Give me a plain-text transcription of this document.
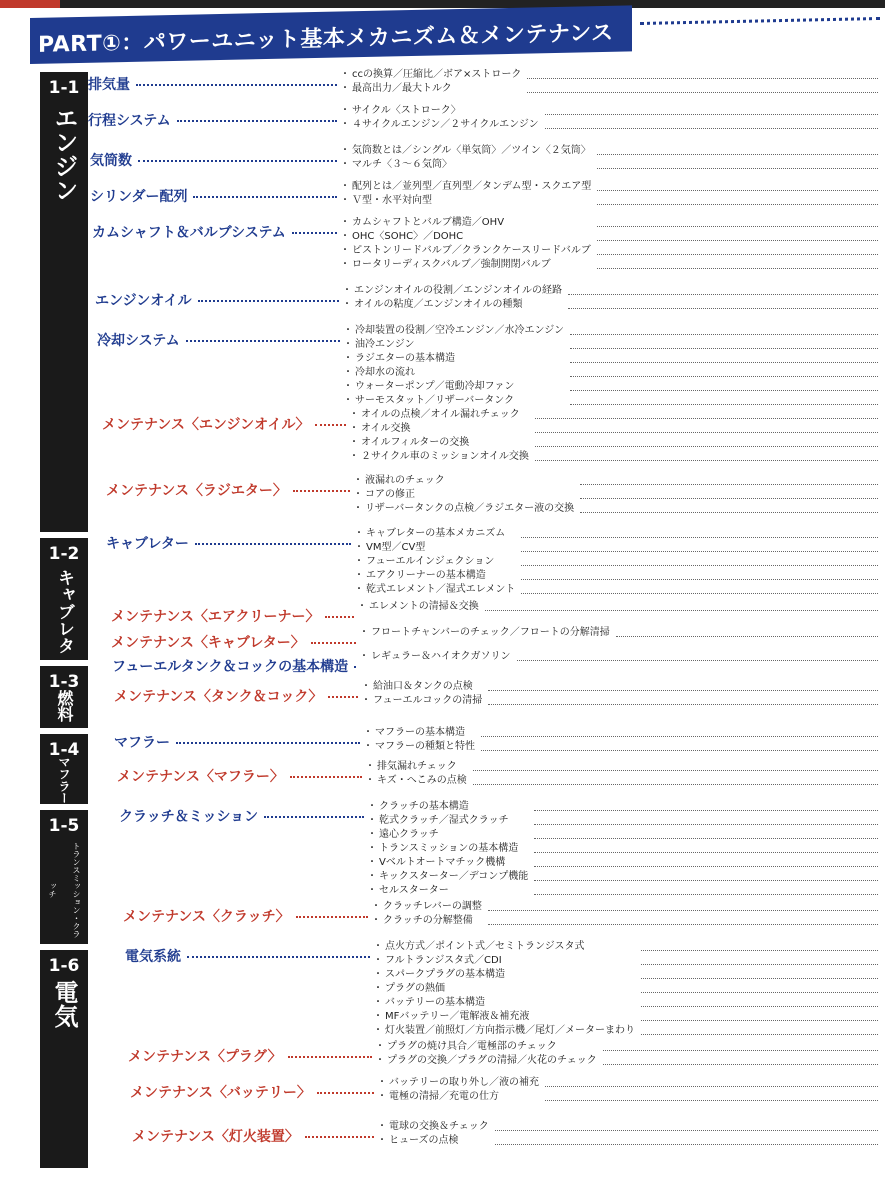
PART①：パワーユニット基本メカニズム＆メンテナンス
1-1
エンジン
1-2
キャブレター
1-3
燃料
1-4
マフラー
1-5
トランスミッション・クラッチ
1-6
電気
排気量
・ ccの換算／圧縮比／ボア×ストローク
・ 最高出力／最大トルク
行程システム
・ サイクル〈ストローク〉
・ ４サイクルエンジン／２サイクルエンジン
気筒数
・ 気筒数とは／シングル〈単気筒〉／ツイン〈２気筒〉
・ マルチ〈３〜６気筒〉
シリンダー配列
・ 配列とは／並列型／直列型／タンデム型・スクエア型
・ Ｖ型・水平対向型
カムシャフト＆バルブシステム
・ カムシャフトとバルブ構造／OHV
・ OHC〈SOHC〉／DOHC
・ ピストンリードバルブ／クランクケースリードバルブ
・ ロータリーディスクバルブ／強制開閉バルブ
エンジンオイル
・ エンジンオイルの役割／エンジンオイルの経路
・ オイルの粘度／エンジンオイルの種類
冷却システム
・ 冷却装置の役割／空冷エンジン／水冷エンジン
・ 油冷エンジン
・ ラジエターの基本構造
・ 冷却水の流れ
・ ウォーターポンプ／電動冷却ファン
・ サーモスタット／リザーバータンク
メンテナンス〈エンジンオイル〉
・ オイルの点検／オイル漏れチェック
・ オイル交換
・ オイルフィルターの交換
・ ２サイクル車のミッションオイル交換
メンテナンス〈ラジエター〉
・ 液漏れのチェック
・ コアの修正
・ リザーバータンクの点検／ラジエター液の交換
キャブレター
・ キャブレターの基本メカニズム
・ VM型／CV型
・ フューエルインジェクション
・ エアクリーナーの基本構造
・ 乾式エレメント／湿式エレメント
メンテナンス〈エアクリーナー〉
・ エレメントの清掃＆交換
メンテナンス〈キャブレター〉
・ フロートチャンバーのチェック／フロートの分解清掃
フューエルタンク＆コックの基本構造
・ レギュラー＆ハイオクガソリン
メンテナンス〈タンク＆コック〉
・ 給油口＆タンクの点検
・ フューエルコックの清掃
マフラー
・ マフラーの基本構造
・ マフラーの種類と特性
メンテナンス〈マフラー〉
・ 排気漏れチェック
・ キズ・へこみの点検
クラッチ＆ミッション
・ クラッチの基本構造
・ 乾式クラッチ／湿式クラッチ
・ 遠心クラッチ
・ トランスミッションの基本構造
・ Vベルトオートマチック機構
・ キックスターター／デコンプ機能
・ セルスターター
メンテナンス〈クラッチ〉
・ クラッチレバーの調整
・ クラッチの分解整備
電気系統
・ 点火方式／ポイント式／セミトランジスタ式
・ フルトランジスタ式／CDI
・ スパークプラグの基本構造
・ プラグの熱価
・ バッテリーの基本構造
・ MFバッテリー／電解液＆補充液
・ 灯火装置／前照灯／方向指示機／尾灯／メーターまわり
メンテナンス〈プラグ〉
・ プラグの焼け具合／電極部のチェック
・ プラグの交換／プラグの清掃／火花のチェック
メンテナンス〈バッテリー〉
・ バッテリーの取り外し／液の補充
・ 電極の清掃／充電の仕方
メンテナンス〈灯火装置〉
・ 電球の交換＆チェック
・ ヒューズの点検
